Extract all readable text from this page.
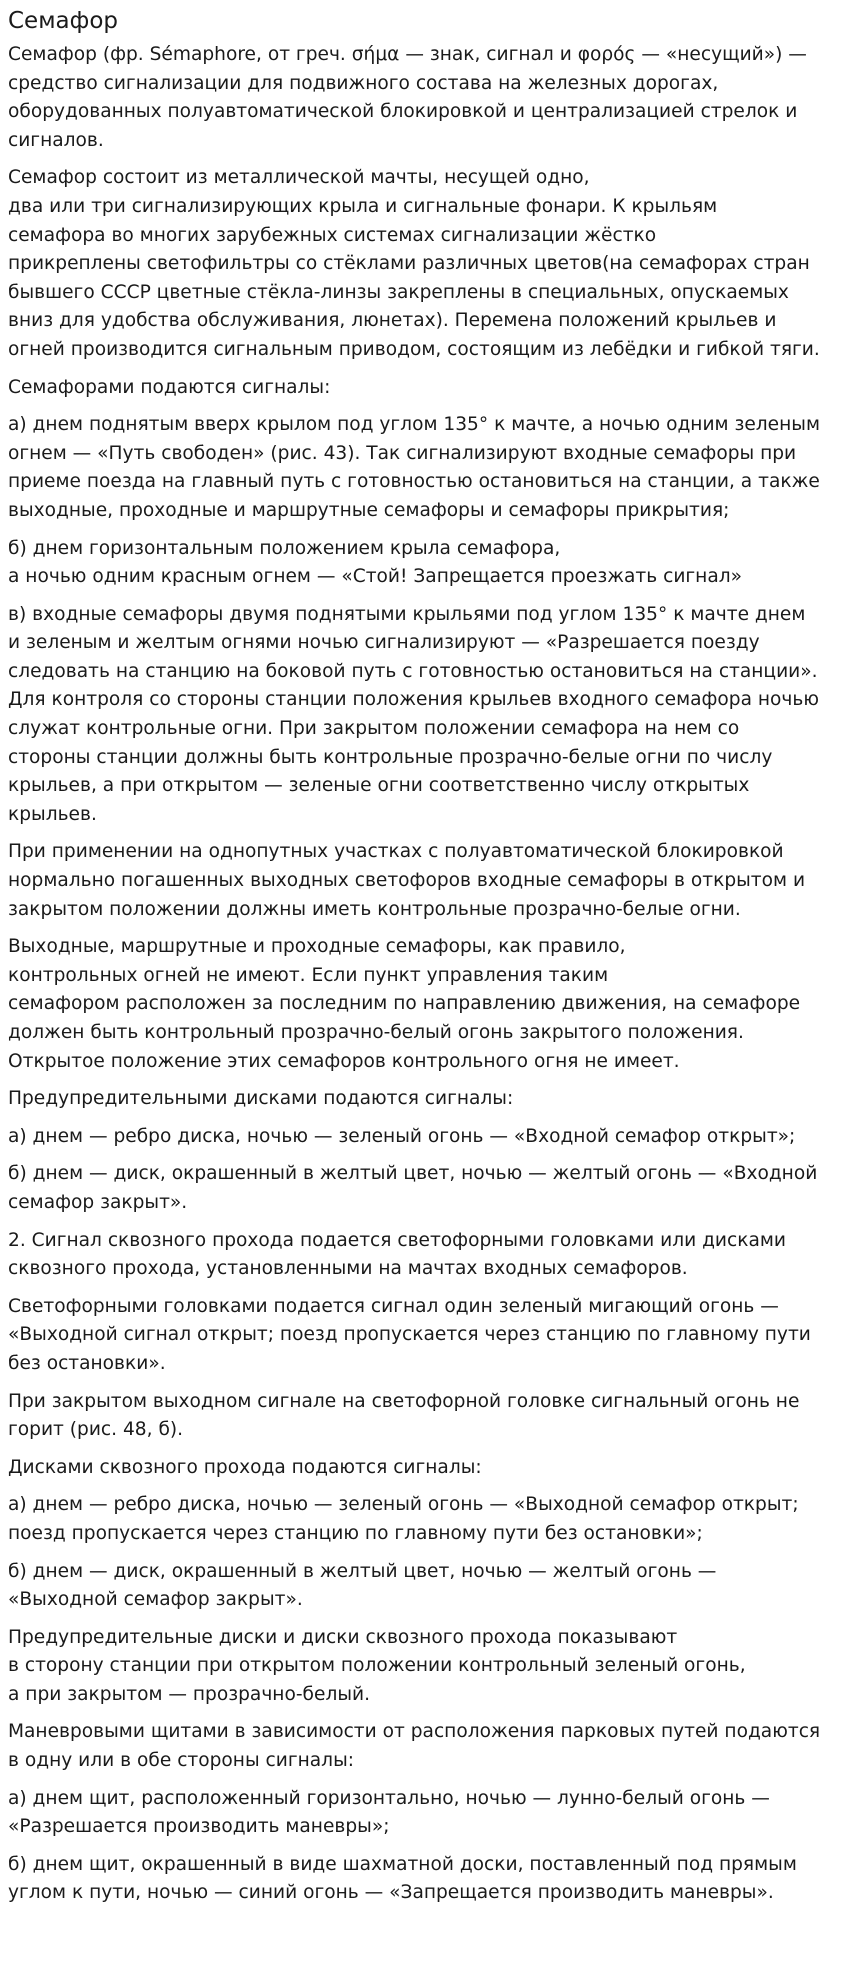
Семафор

Семафор (фр. Sémaphore, от греч. σήμα — знак, сигнал и φορός — «несущий») —
средство сигнализации для подвижного состава на железных дорогах,
оборудованных полуавтоматической блокировкой и централизацией стрелок и
сигналов.

Семафор состоит из металлической мачты, несущей одно,
два или три сигнализирующих крыла и сигнальные фонари. К крыльям
семафора во многих зарубежных системах сигнализации жёстко
прикреплены светофильтры со стёклами различных цветов(на семафорах стран
бывшего СССР цветные стёкла-линзы закреплены в специальных, опускаемых
вниз для удобства обслуживания, люнетах). Перемена положений крыльев и
огней производится сигнальным приводом, состоящим из лебёдки и гибкой тяги.

Семафорами подаются сигналы:

а) днем поднятым вверх крылом под углом 135° к мачте, а ночью одним зеленым
огнем — «Путь свободен» (рис. 43). Так сигнализируют входные семафоры при
приеме поезда на главный путь с готовностью остановиться на станции, а также
выходные, проходные и маршрутные семафоры и семафоры прикрытия;

б) днем горизонтальным положением крыла семафора,
а ночью одним красным огнем — «Стой! Запрещается проезжать сигнал»

в) входные семафоры двумя поднятыми крыльями под углом 135° к мачте днем
и зеленым и желтым огнями ночью сигнализируют — «Разрешается поезду
следовать на станцию на боковой путь с готовностью остановиться на станции».
Для контроля со стороны станции положения крыльев входного семафора ночью
служат контрольные огни. При закрытом положении семафора на нем со
стороны станции должны быть контрольные прозрачно-белые огни по числу
крыльев, а при открытом — зеленые огни соответственно числу открытых
крыльев.

При применении на однопутных участках с полуавтоматической блокировкой
нормально погашенных выходных светофоров входные семафоры в открытом и
закрытом положении должны иметь контрольные прозрачно-белые огни.

Выходные, маршрутные и проходные семафоры, как правило,
контрольных огней не имеют. Если пункт управления таким
семафором расположен за последним по направлению движения, на семафоре
должен быть контрольный прозрачно-белый огонь закрытого положения.
Открытое положение этих семафоров контрольного огня не имеет.

Предупредительными дисками подаются сигналы:

а) днем — ребро диска, ночью — зеленый огонь — «Входной семафор открыт»;

б) днем — диск, окрашенный в желтый цвет, ночью — желтый огонь — «Входной
семафор закрыт».

2. Сигнал сквозного прохода подается светофорными головками или дисками
сквозного прохода, установленными на мачтах входных семафоров.

Светофорными головками подается сигнал один зеленый мигающий огонь —
«Выходной сигнал открыт; поезд пропускается через станцию по главному пути
без остановки».

При закрытом выходном сигнале на светофорной головке сигнальный огонь не
горит (рис. 48, б).

Дисками сквозного прохода подаются сигналы:

а) днем — ребро диска, ночью — зеленый огонь — «Выходной семафор открыт;
поезд пропускается через станцию по главному пути без остановки»;

б) днем — диск, окрашенный в желтый цвет, ночью — желтый огонь —
«Выходной семафор закрыт».

Предупредительные диски и диски сквозного прохода показывают
в сторону станции при открытом положении контрольный зеленый огонь,
а при закрытом — прозрачно-белый.

Маневровыми щитами в зависимости от расположения парковых путей подаются
в одну или в обе стороны сигналы:

а) днем щит, расположенный горизонтально, ночью — лунно-белый огонь —
«Разрешается производить маневры»;

б) днем щит, окрашенный в виде шахматной доски, поставленный под прямым
углом к пути, ночью — синий огонь — «Запрещается производить маневры».
